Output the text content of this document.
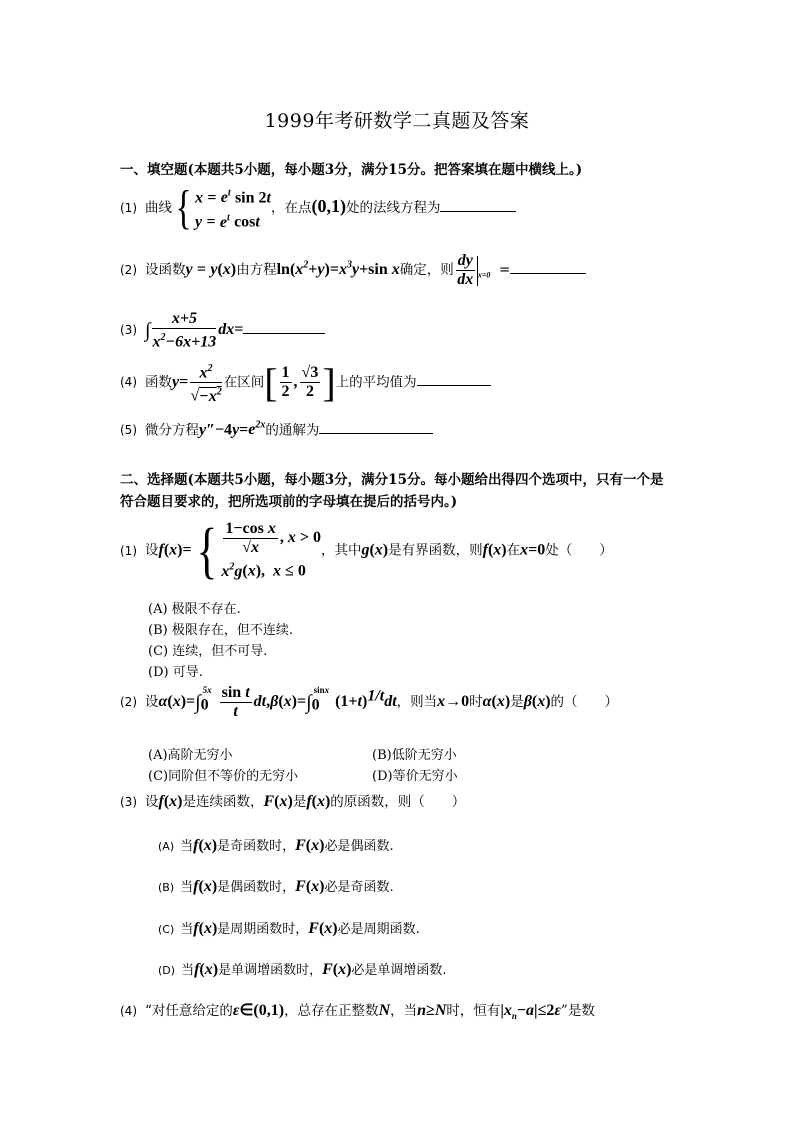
1999年考研数学二真题及答案
一、填空题(本题共5小题，每小题3分，满分15分。把答案填在题中横线上。)
(1) 曲线{ $x = e^t$ sin 2t
$y = e^t$ cost，在点(0,1)处的法线方程为
(2) 设函数y = y(x)由方程$\ln(x^2+y)=x^3y+\sin$ x确定，则 $\frac{dy}{dx} _{x=0}$ =
(3) ∫ $\frac{x+5}{x^2-6x+13} dx=$
(4) 函数$y= \frac{x^2}{√-x^2}$ 在区间[ $\frac{1}{2}$ , $\frac{√3}{2}$ ]上的平均值为
(5) 微分方程$y''-4y=e^{2x}$的通解为
二、选择题(本题共5小题，每小题3分，满分15分。每小题给出得四个选项中，只有一个是
符合题目要求的，把所选项前的字母填在提后的括号内。)
(1) 设$f(x)=\{ \frac{\text{1−cos x}}{√x}$ , x > 0
$x^2g(x)$,  x ≤ 0，其中g(x)是有界函数，则f(x)在x=0处（　　）
(A) 极限不存在.
(B) 极限存在，但不连续.
(C) 连续，但不可导.
(D) 可导.
(2) 设$\alpha(x)=\int_0^{5x} \frac{\text{sin t}}{t} dt,\beta(x)=\int_0^{sinx}(1+t)^{1/t}dt$，则当x→0时α(x)是β(x)的（　　）
(A)高阶无穷小	(B)低阶无穷小
(C)同阶但不等价的无穷小	(D)等价无穷小
(3) 设f(x)是连续函数，F(x)是f(x)的原函数，则（　　）
(A) 当f(x)是奇函数时，F(x)必是偶函数.
(B) 当f(x)是偶函数时，F(x)必是奇函数.
(C) 当f(x)是周期函数时，F(x)必是周期函数.
(D) 当f(x)是单调增函数时，F(x)必是单调增函数.
(4) “对任意给定的ε∈(0,1)，总存在正整数N，当n≥N时，恒有$|x_n-a|\le 2\varepsilon$”是数
